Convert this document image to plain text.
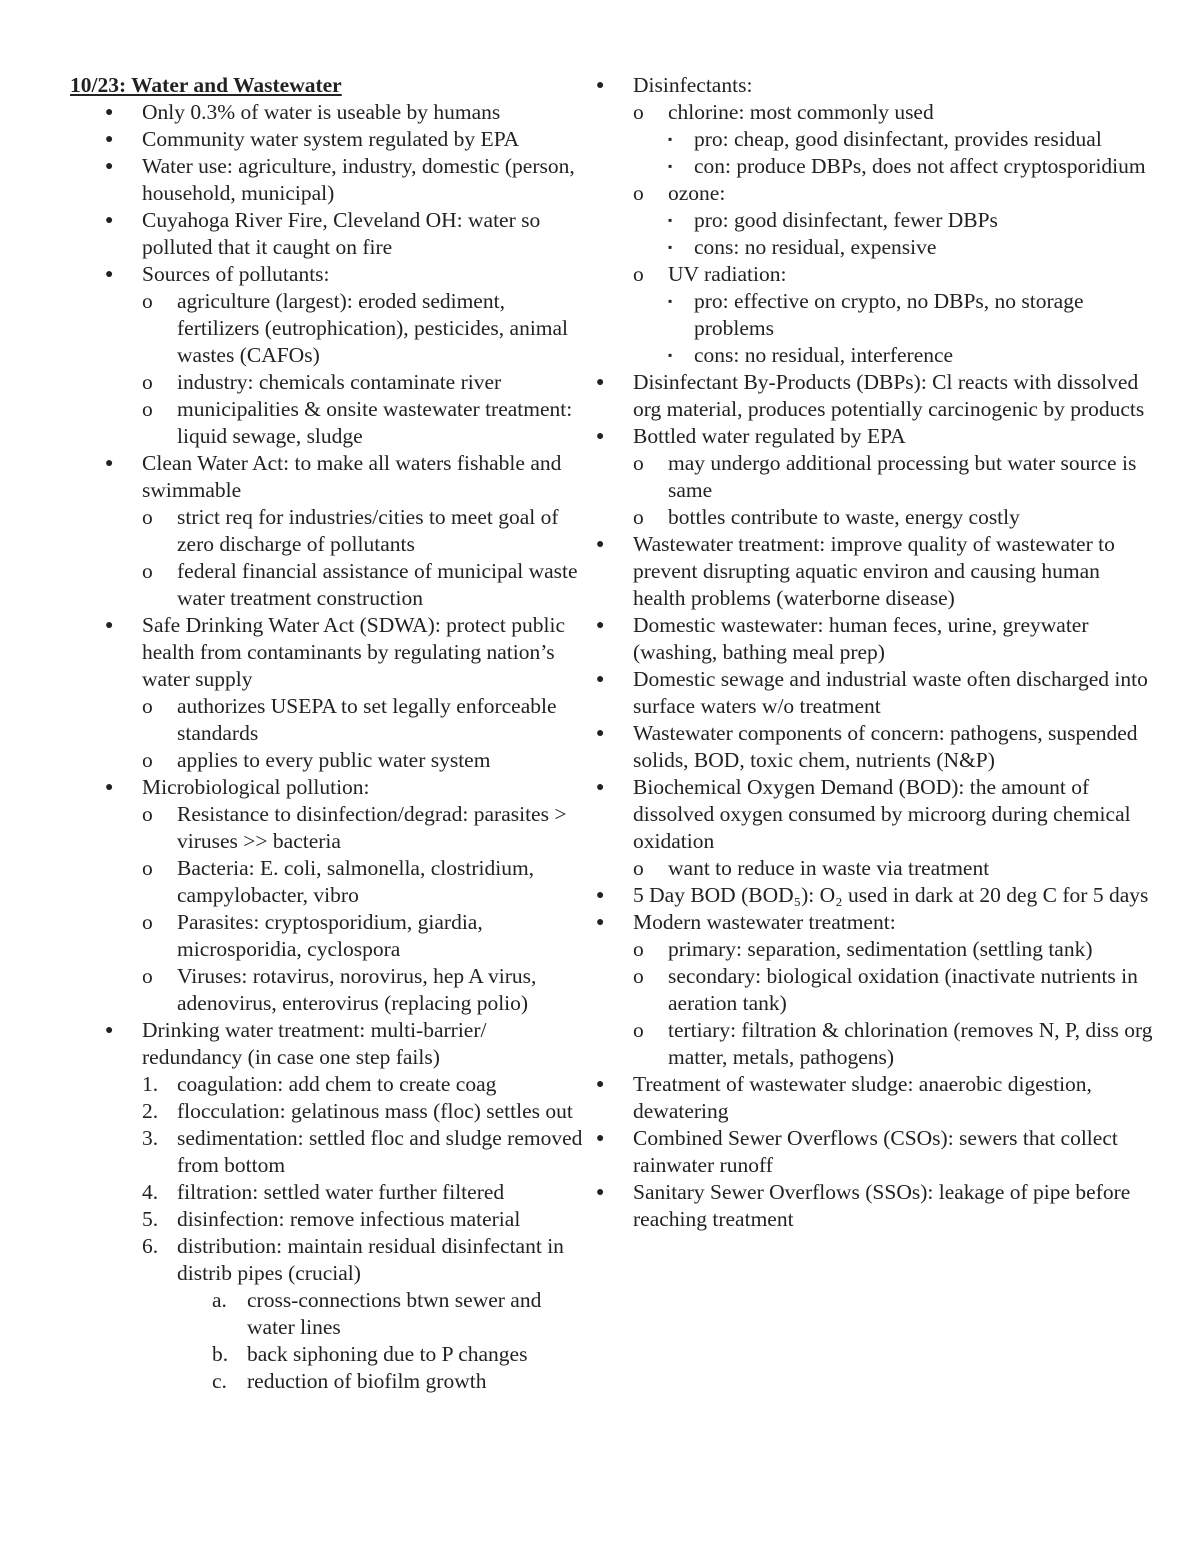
10/23: Water and Wastewater
● Only 0.3% of water is useable by humans
● Community water system regulated by EPA
● Water use: agriculture, industry, domestic (person, household, municipal)
● Cuyahoga River Fire, Cleveland OH: water so polluted that it caught on fire
● Sources of pollutants:
o agriculture (largest): eroded sediment, fertilizers (eutrophication), pesticides, animal wastes (CAFOs)
o industry: chemicals contaminate river
o municipalities & onsite wastewater treatment: liquid sewage, sludge
● Clean Water Act: to make all waters fishable and swimmable
o strict req for industries/cities to meet goal of zero discharge of pollutants
o federal financial assistance of municipal waste water treatment construction
● Safe Drinking Water Act (SDWA): protect public health from contaminants by regulating nation’s water supply
o authorizes USEPA to set legally enforceable standards
o applies to every public water system
● Microbiological pollution:
o Resistance to disinfection/degrad: parasites > viruses >> bacteria
o Bacteria: E. coli, salmonella, clostridium, campylobacter, vibro
o Parasites: cryptosporidium, giardia, microsporidia, cyclospora
o Viruses: rotavirus, norovirus, hep A virus, adenovirus, enterovirus (replacing polio)
● Drinking water treatment: multi-barrier/ redundancy (in case one step fails)
1. coagulation: add chem to create coag
2. flocculation: gelatinous mass (floc) settles out
3. sedimentation: settled floc and sludge removed from bottom
4. filtration: settled water further filtered
5. disinfection: remove infectious material
6. distribution: maintain residual disinfectant in distrib pipes (crucial)
a. cross-connections btwn sewer and water lines
b. back siphoning due to P changes
c. reduction of biofilm growth
● Disinfectants:
o chlorine: most commonly used
▪ pro: cheap, good disinfectant, provides residual
▪ con: produce DBPs, does not affect cryptosporidium
o ozone:
▪ pro: good disinfectant, fewer DBPs
▪ cons: no residual, expensive
o UV radiation:
▪ pro: effective on crypto, no DBPs, no storage problems
▪ cons: no residual, interference
● Disinfectant By-Products (DBPs): Cl reacts with dissolved org material, produces potentially carcinogenic by products
● Bottled water regulated by EPA
o may undergo additional processing but water source is same
o bottles contribute to waste, energy costly
● Wastewater treatment: improve quality of wastewater to prevent disrupting aquatic environ and causing human health problems (waterborne disease)
● Domestic wastewater: human feces, urine, greywater (washing, bathing meal prep)
● Domestic sewage and industrial waste often discharged into surface waters w/o treatment
● Wastewater components of concern: pathogens, suspended solids, BOD, toxic chem, nutrients (N&P)
● Biochemical Oxygen Demand (BOD): the amount of dissolved oxygen consumed by microorg during chemical oxidation
o want to reduce in waste via treatment
● 5 Day BOD (BOD₅): O₂ used in dark at 20 deg C for 5 days
● Modern wastewater treatment:
o primary: separation, sedimentation (settling tank)
o secondary: biological oxidation (inactivate nutrients in aeration tank)
o tertiary: filtration & chlorination (removes N, P, diss org matter, metals, pathogens)
● Treatment of wastewater sludge: anaerobic digestion, dewatering
● Combined Sewer Overflows (CSOs): sewers that collect rainwater runoff
● Sanitary Sewer Overflows (SSOs): leakage of pipe before reaching treatment
